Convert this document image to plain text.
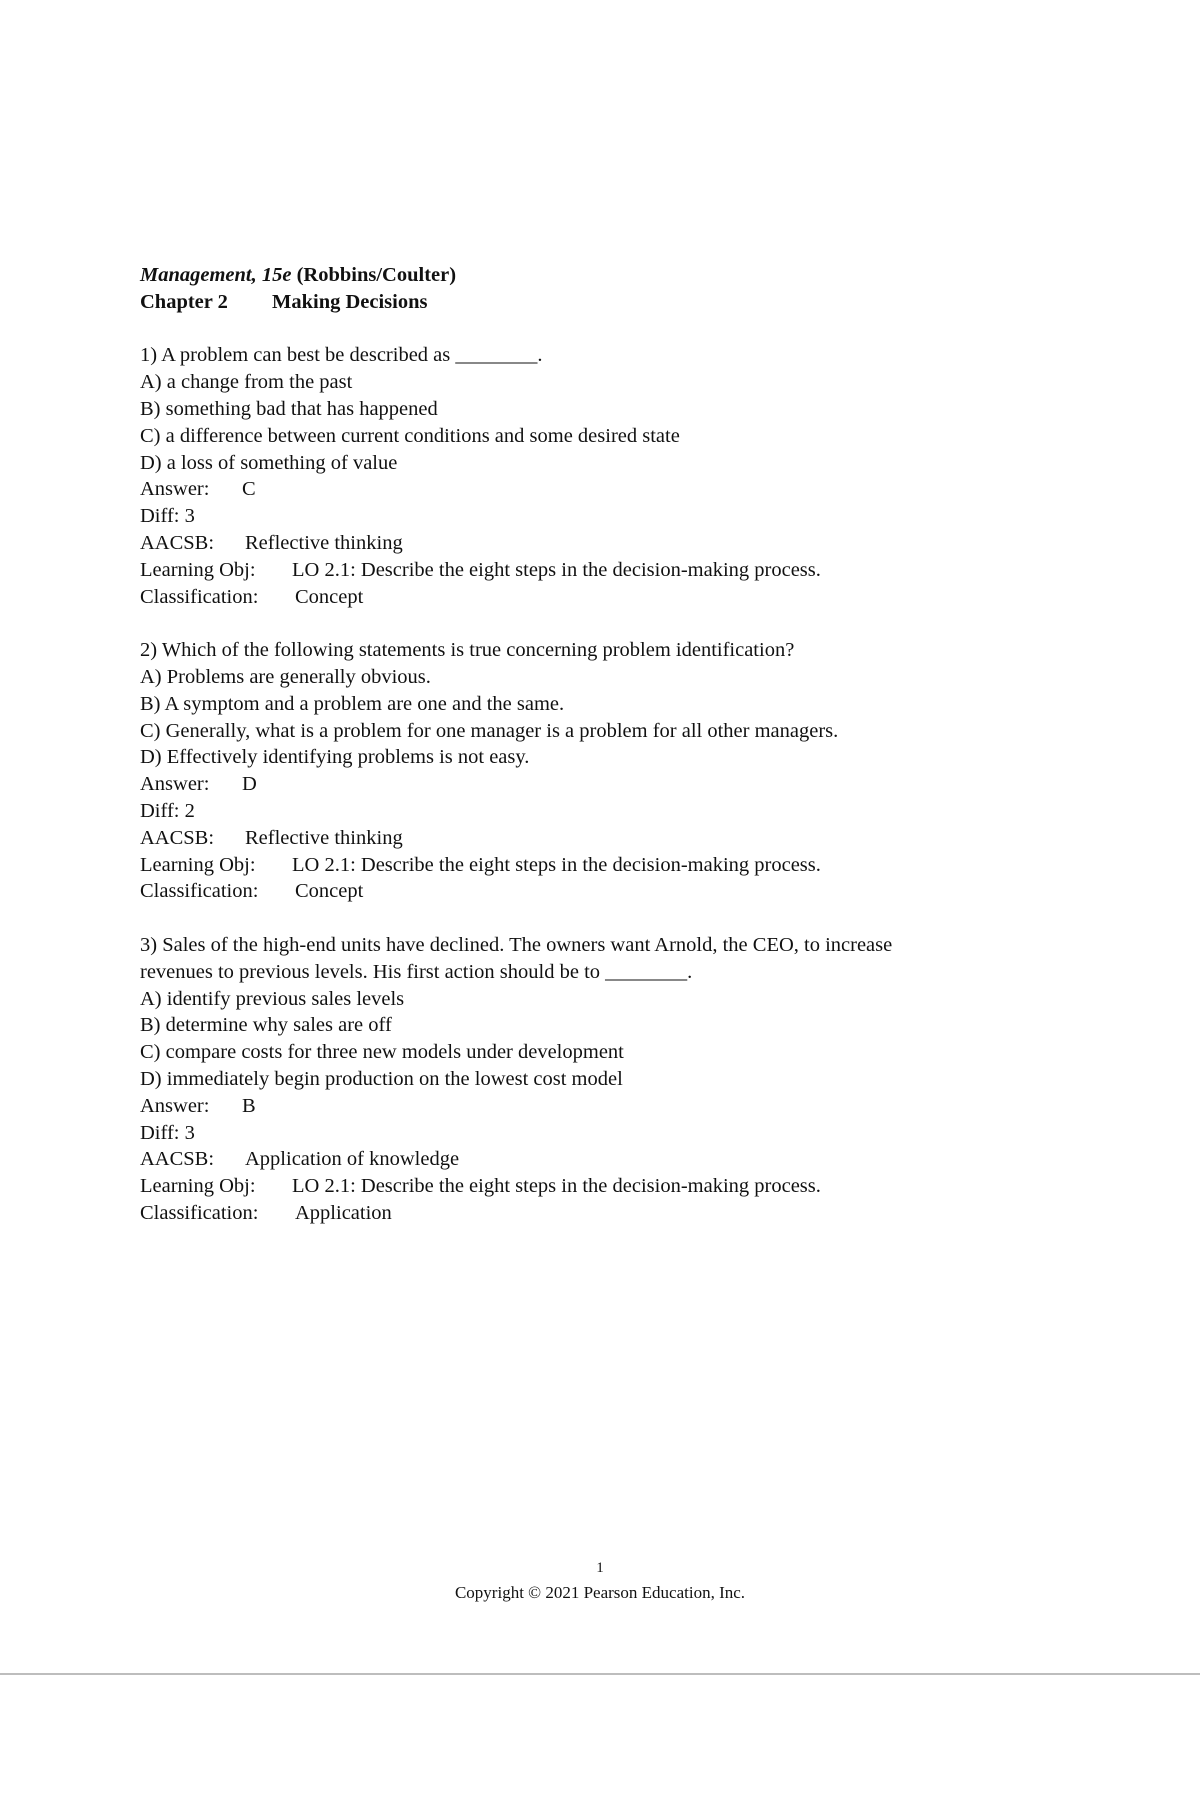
Management, 15e (Robbins/Coulter)
Chapter 2 Making Decisions
1) A problem can best be described as ________.
A) a change from the past
B) something bad that has happened
C) a difference between current conditions and some desired state
D) a loss of something of value
Answer: C
Diff: 3
AACSB: Reflective thinking
Learning Obj: LO 2.1: Describe the eight steps in the decision-making process.
Classification: Concept
2) Which of the following statements is true concerning problem identification?
A) Problems are generally obvious.
B) A symptom and a problem are one and the same.
C) Generally, what is a problem for one manager is a problem for all other managers.
D) Effectively identifying problems is not easy.
Answer: D
Diff: 2
AACSB: Reflective thinking
Learning Obj: LO 2.1: Describe the eight steps in the decision-making process.
Classification: Concept
3) Sales of the high-end units have declined. The owners want Arnold, the CEO, to increase
revenues to previous levels. His first action should be to ________.
A) identify previous sales levels
B) determine why sales are off
C) compare costs for three new models under development
D) immediately begin production on the lowest cost model
Answer: B
Diff: 3
AACSB: Application of knowledge
Learning Obj: LO 2.1: Describe the eight steps in the decision-making process.
Classification: Application
1
Copyright © 2021 Pearson Education, Inc.
